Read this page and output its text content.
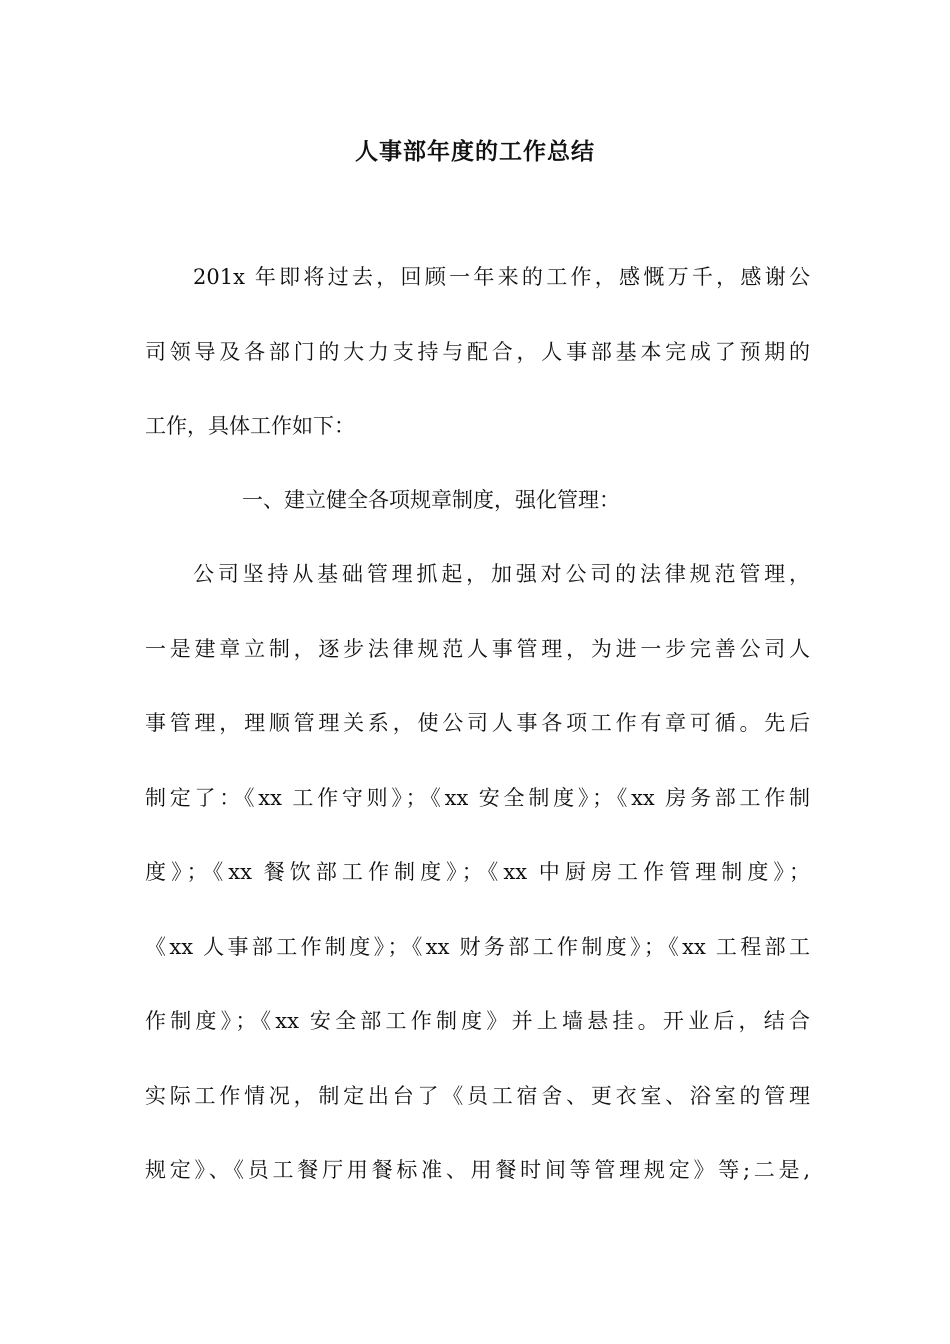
人事部年度的工作总结
201x 年即将过去，回顾一年来的工作，感慨万千，感谢公
司领导及各部门的大力支持与配合，人事部基本完成了预期的
工作，具体工作如下：
一、建立健全各项规章制度，强化管理：
公司坚持从基础管理抓起，加强对公司的法律规范管理，
一是建章立制，逐步法律规范人事管理，为进一步完善公司人
事管理，理顺管理关系，使公司人事各项工作有章可循。先后
制定了：《xx 工作守则》；《xx 安全制度》；《xx 房务部工作制
度》；《xx 餐饮部工作制度》；《xx 中厨房工作管理制度》；
《xx 人事部工作制度》；《xx 财务部工作制度》；《xx 工程部工
作制度》；《xx 安全部工作制度》并上墙悬挂。开业后，结合
实际工作情况，制定出台了《员工宿舍、更衣室、浴室的管理
规定》、《员工餐厅用餐标准、用餐时间等管理规定》等;二是,
